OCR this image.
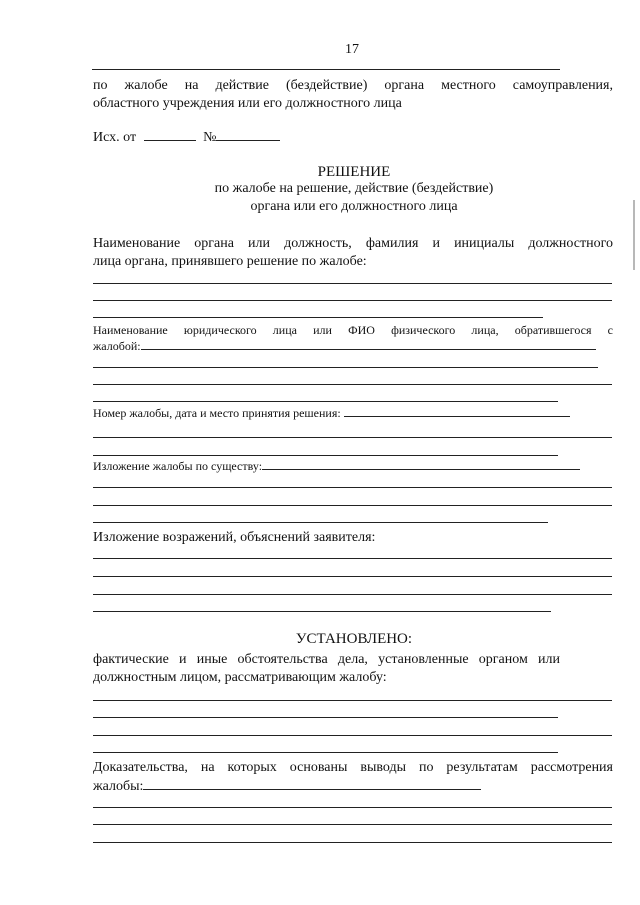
17
по жалобе на действие (бездействие) органа местного самоуправления,
областного учреждения или его должностного лица
Исх. от	№
РЕШЕНИЕ
по жалобе на решение, действие (бездействие)
органа или его должностного лица
Наименование органа или должность, фамилия и инициалы должностного
лица органа, принявшего решение по жалобе:
Наименование юридического лица или ФИО физического лица, обратившегося с
жалобой:
Номер жалобы, дата и место принятия решения:
Изложение жалобы по существу:
Изложение возражений, объяснений заявителя:
УСТАНОВЛЕНО:
фактические и иные обстоятельства дела, установленные органом или
должностным лицом, рассматривающим жалобу:
Доказательства, на которых основаны выводы по результатам рассмотрения
жалобы:
